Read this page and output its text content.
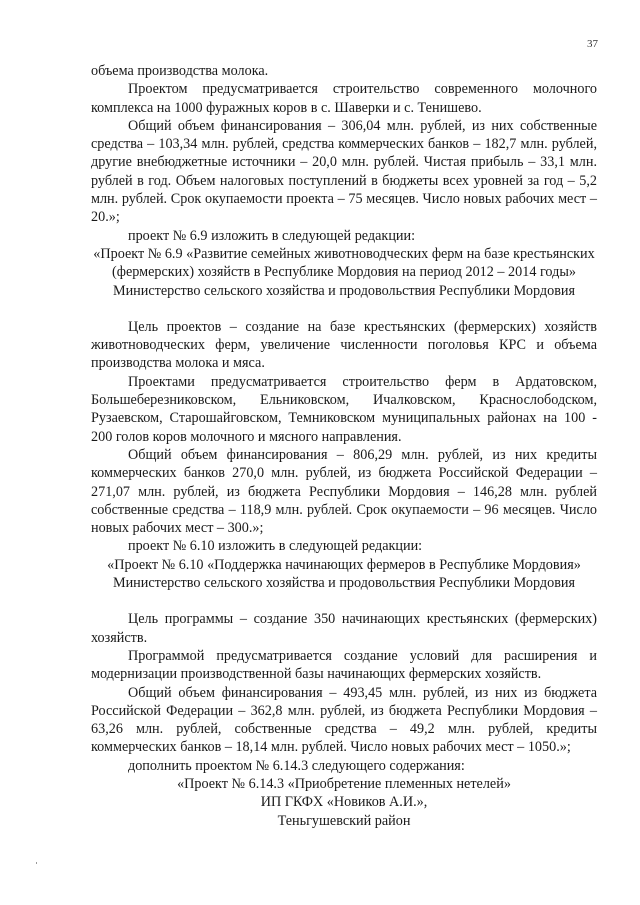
37

объема производства молока.

Проектом предусматривается строительство современного молочного комплекса на 1000 фуражных коров в с. Шаверки и с. Тенишево.

Общий объем финансирования – 306,04 млн. рублей, из них собственные средства – 103,34 млн. рублей, средства коммерческих банков – 182,7 млн. рублей, другие внебюджетные источники – 20,0 млн. рублей. Чистая прибыль – 33,1 млн. рублей в год. Объем налоговых поступлений в бюджеты всех уровней за год – 5,2 млн. рублей. Срок окупаемости проекта – 75 месяцев. Число новых рабочих мест – 20.»;

проект № 6.9 изложить в следующей редакции:

«Проект № 6.9 «Развитие семейных животноводческих ферм на базе крестьянских (фермерских) хозяйств в Республике Мордовия на период 2012 – 2014 годы»

Министерство сельского хозяйства и продовольствия Республики Мордовия

Цель проектов – создание на базе крестьянских (фермерских) хозяйств животноводческих ферм, увеличение численности поголовья КРС и объема производства молока и мяса.

Проектами предусматривается строительство ферм в Ардатовском, Большеберезниковском, Ельниковском, Ичалковском, Краснослободском, Рузаевском, Старошайговском, Темниковском муниципальных районах на 100 - 200 голов коров молочного и мясного направления.

Общий объем финансирования – 806,29 млн. рублей, из них кредиты коммерческих банков 270,0 млн. рублей, из бюджета Российской Федерации – 271,07 млн. рублей, из бюджета Республики Мордовия – 146,28 млн. рублей собственные средства – 118,9 млн. рублей. Срок окупаемости – 96 месяцев. Число новых рабочих мест – 300.»;

проект № 6.10 изложить в следующей редакции:

«Проект № 6.10 «Поддержка начинающих фермеров в Республике Мордовия»

Министерство сельского хозяйства и продовольствия Республики Мордовия

Цель программы – создание 350 начинающих крестьянских (фермерских) хозяйств.

Программой предусматривается создание условий для расширения и модернизации производственной базы начинающих фермерских хозяйств.

Общий объем финансирования – 493,45 млн. рублей, из них из бюджета Российской Федерации – 362,8 млн. рублей, из бюджета Республики Мордовия – 63,26 млн. рублей, собственные средства – 49,2 млн. рублей, кредиты коммерческих банков – 18,14 млн. рублей. Число новых рабочих мест – 1050.»;

дополнить проектом № 6.14.3 следующего содержания:

«Проект № 6.14.3 «Приобретение племенных нетелей»

ИП ГКФХ «Новиков А.И.»,

Теньгушевский район
